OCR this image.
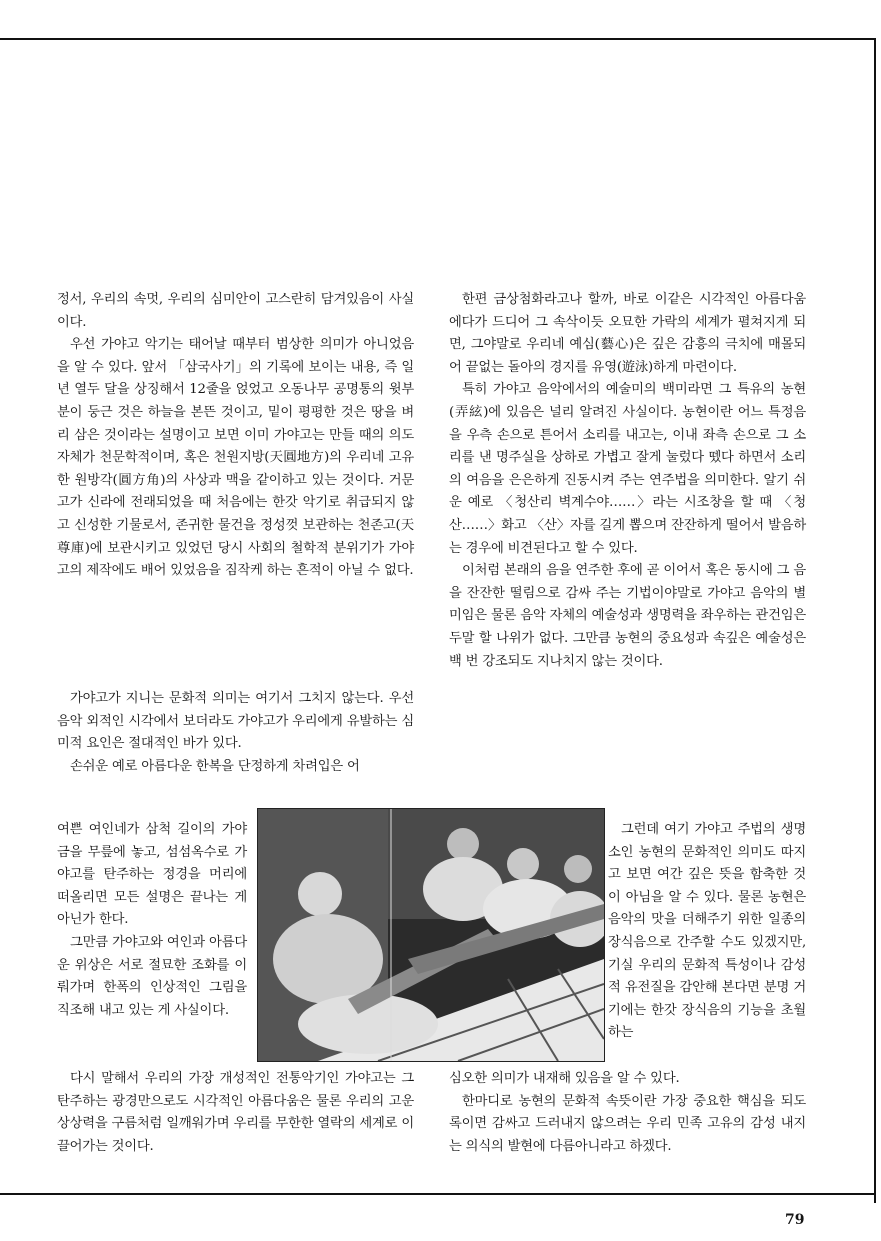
정서, 우리의 속멋, 우리의 심미안이 고스란히 담겨있음이 사실이다.

우선 가야고 악기는 태어날 때부터 범상한 의미가 아니었음을 알 수 있다. 앞서 「삼국사기」의 기록에 보이는 내용, 즉 일년 열두 달을 상징해서 12줄을 얹었고 오동나무 공명통의 윗부분이 둥근 것은 하늘을 본뜬 것이고, 밑이 평평한 것은 땅을 벼리 삼은 것이라는 설명이고 보면 이미 가야고는 만들 때의 의도자체가 천문학적이며, 혹은 천원지방(天圓地方)의 우리네 고유한 원방각(圓方角)의 사상과 맥을 같이하고 있는 것이다. 거문고가 신라에 전래되었을 때 처음에는 한갓 악기로 취급되지 않고 신성한 기물로서, 존귀한 물건을 정성껏 보관하는 천존고(天尊庫)에 보관시키고 있었던 당시 사회의 철학적 분위기가 가야고의 제작에도 배어 있었음을 짐작케 하는 흔적이 아닐 수 없다.

가야고가 지니는 문화적 의미는 여기서 그치지 않는다. 우선 음악 외적인 시각에서 보더라도 가야고가 우리에게 유발하는 심미적 요인은 절대적인 바가 있다.

손쉬운 예로 아름다운 한복을 단정하게 차려입은 어

여쁜 여인네가 삼척 길이의 가야금을 무릎에 놓고, 섬섬옥수로 가야고를 탄주하는 정경을 머리에 떠올리면 모든 설명은 끝나는 게 아닌가 한다.

그만큼 가야고와 여인과 아름다운 위상은 서로 절묘한 조화를 이뤄가며 한폭의 인상적인 그림을 직조해 내고 있는 게 사실이다.

다시 말해서 우리의 가장 개성적인 전통악기인 가야고는 그 탄주하는 광경만으로도 시각적인 아름다움은 물론 우리의 고운 상상력을 구름처럼 일깨워가며 우리를 무한한 열락의 세계로 이끌어가는 것이다.

한편 금상첨화라고나 할까, 바로 이같은 시각적인 아름다움에다가 드디어 그 속삭이듯 오묘한 가락의 세계가 펼쳐지게 되면, 그야말로 우리네 예심(藝心)은 깊은 감흥의 극치에 매몰되어 끝없는 돌아의 경지를 유영(遊泳)하게 마련이다.

특히 가야고 음악에서의 예술미의 백미라면 그 특유의 농현(弄絃)에 있음은 널리 알려진 사실이다. 농현이란 어느 특정음을 우측 손으로 튼어서 소리를 내고는, 이내 좌측 손으로 그 소리를 낸 명주실을 상하로 가볍고 잘게 눌렀다 뗐다 하면서 소리의 여음을 은은하게 진동시켜 주는 연주법을 의미한다. 알기 쉬운 예로 〈청산리 벽계수야……〉라는 시조창을 할 때 〈청산……〉화고 〈산〉자를 길게 뽑으며 잔잔하게 떨어서 발음하는 경우에 비견된다고 할 수 있다.

이처럼 본래의 음을 연주한 후에 곧 이어서 혹은 동시에 그 음을 잔잔한 떨림으로 감싸 주는 기법이야말로 가야고 음악의 별미임은 물론 음악 자체의 예술성과 생명력을 좌우하는 관건임은 두말 할 나위가 없다. 그만큼 농현의 중요성과 속깊은 예술성은 백 번 강조되도 지나치지 않는 것이다.

그런데 여기 가야고 주법의 생명소인 농현의 문화적인 의미도 따지고 보면 여간 깊은 뜻을 함축한 것이 아님을 알 수 있다. 물론 농현은 음악의 맛을 더해주기 위한 일종의 장식음으로 간주할 수도 있겠지만, 기실 우리의 문화적 특성이나 감성적 유전질을 감안해 본다면 분명 거기에는 한갓 장식음의 기능을 초월하는

심오한 의미가 내재해 있음을 알 수 있다.

한마디로 농현의 문화적 속뜻이란 가장 중요한 핵심을 되도록이면 감싸고 드러내지 않으려는 우리 민족 고유의 감성 내지는 의식의 발현에 다름아니라고 하겠다.

79
